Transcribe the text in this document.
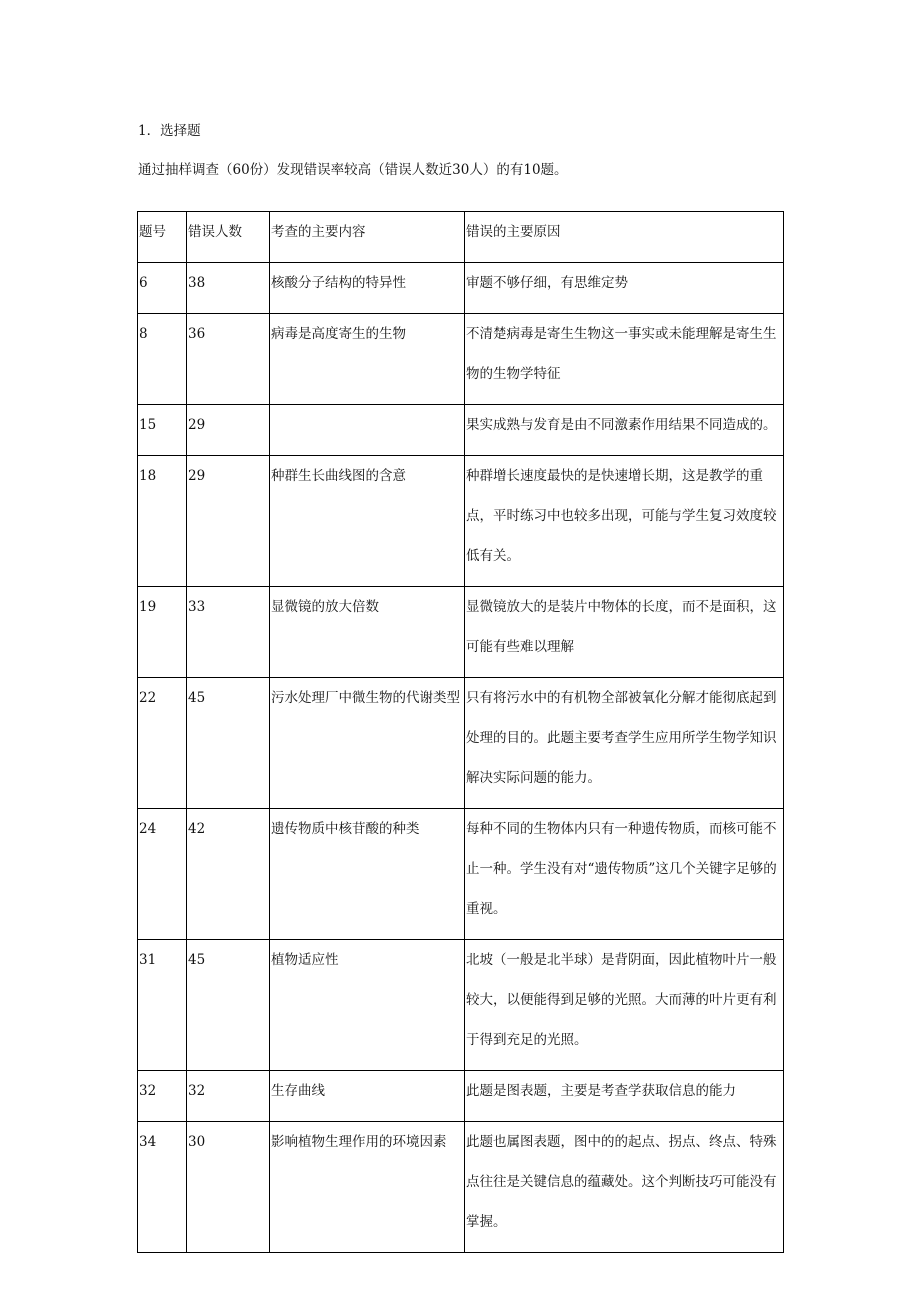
1．选择题
通过抽样调查（60份）发现错误率较高（错误人数近30人）的有10题。
题号	错误人数	考查的主要内容	错误的主要原因

6	38	核酸分子结构的特异性	审题不够仔细，有思维定势

8	36	病毒是高度寄生的生物	不清楚病毒是寄生生物这一事实或未能理解是寄生生物的生物学特征

15	29		果实成熟与发育是由不同激素作用结果不同造成的。

18	29	种群生长曲线图的含意	种群增长速度最快的是快速增长期，这是教学的重点，平时练习中也较多出现，可能与学生复习效度较低有关。

19	33	显微镜的放大倍数	显微镜放大的是装片中物体的长度，而不是面积，这可能有些难以理解

22	45	污水处理厂中微生物的代谢类型	只有将污水中的有机物全部被氧化分解才能彻底起到处理的目的。此题主要考查学生应用所学生物学知识解决实际问题的能力。

24	42	遗传物质中核苷酸的种类	每种不同的生物体内只有一种遗传物质，而核可能不止一种。学生没有对“遗传物质”这几个关键字足够的重视。

31	45	植物适应性	北坡（一般是北半球）是背阴面，因此植物叶片一般较大，以便能得到足够的光照。大而薄的叶片更有利于得到充足的光照。

32	32	生存曲线	此题是图表题，主要是考查学获取信息的能力

34	30	影响植物生理作用的环境因素	此题也属图表题，图中的的起点、拐点、终点、特殊点往往是关键信息的蕴藏处。这个判断技巧可能没有掌握。
